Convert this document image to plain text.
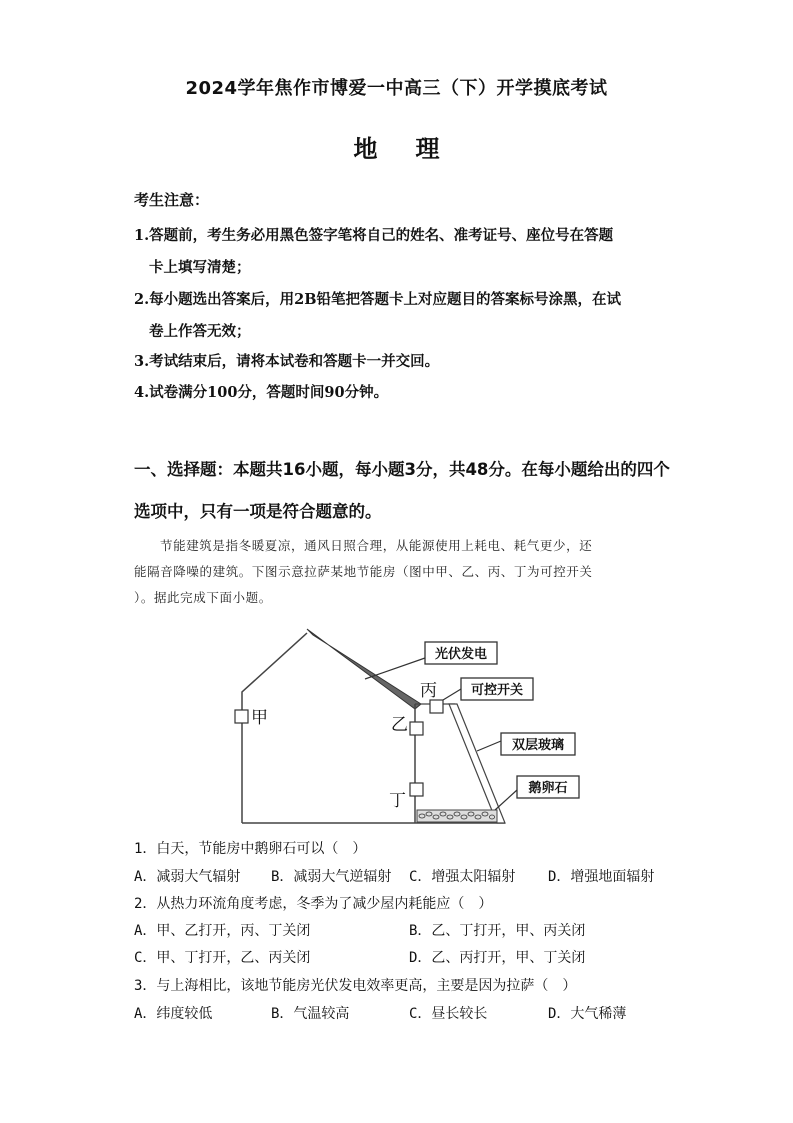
2024学年焦作市博爱一中高三（下）开学摸底考试
地理
考生注意：
1.答题前，考生务必用黑色签字笔将自己的姓名、准考证号、座位号在答题
卡上填写清楚；
2.每小题选出答案后，用2B铅笔把答题卡上对应题目的答案标号涂黑，在试
卷上作答无效；
3.考试结束后，请将本试卷和答题卡一并交回。
4.试卷满分100分，答题时间90分钟。
一、选择题：本题共16小题，每小题3分，共48分。在每小题给出的四个
选项中，只有一项是符合题意的。
节能建筑是指冬暖夏凉，通风日照合理，从能源使用上耗电、耗气更少，还
能隔音降噪的建筑。下图示意拉萨某地节能房（图中甲、乙、丙、丁为可控开关
）。据此完成下面小题。
甲	乙
丙
丁
光伏发电
可控开关
双层玻璃
鹅卵石
1．白天，节能房中鹅卵石可以（　）
A．减弱大气辐射 B．减弱大气逆辐射 C．增强太阳辐射 D．增强地面辐射
2．从热力环流角度考虑，冬季为了减少屋内耗能应（　）
A．甲、乙打开，丙、丁关闭	B．乙、丁打开，甲、丙关闭
C．甲、丁打开，乙、丙关闭	D．乙、丙打开，甲、丁关闭
3．与上海相比，该地节能房光伏发电效率更高，主要是因为拉萨（　）
A．纬度较低	B．气温较高	C．昼长较长	D．大气稀薄
